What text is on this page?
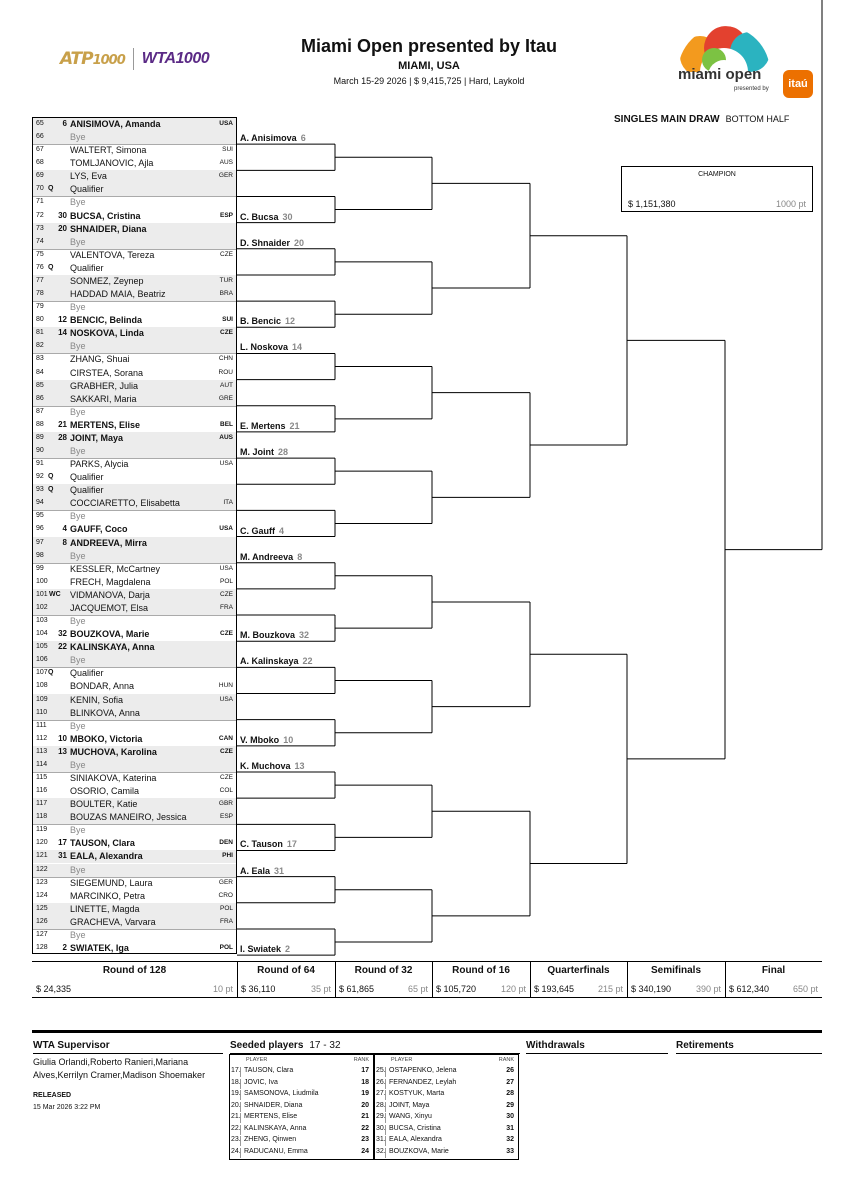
ATP1000 WTA1000
Miami Open presented by Itau
MIAMI, USA
March 15-29 2026 | $ 9,415,725 | Hard, Laykold	miami open
presented by	itaú
SINGLES MAIN DRAW BOTTOM HALF
CHAMPION
$ 1,151,380	1000 pt
65	6 ANISIMOVA, Amanda	USA
66	Bye
67	WALTERT, Simona	SUI
68	TOMLJANOVIC, Ajla	AUS
69	LYS, Eva	GER
70 Q Qualifier
71	Bye
72	30 BUCSA, Cristina	ESP
73	20 SHNAIDER, Diana
74	Bye
75	VALENTOVA, Tereza	CZE
76 Q Qualifier
77	SONMEZ, Zeynep	TUR
78	HADDAD MAIA, Beatriz	BRA
79	Bye
80	12 BENCIC, Belinda	SUI
81	14 NOSKOVA, Linda	CZE
82	Bye
83	ZHANG, Shuai	CHN
84	CIRSTEA, Sorana	ROU
85	GRABHER, Julia	AUT
86	SAKKARI, Maria	GRE
87	Bye
88	21 MERTENS, Elise	BEL
89	28 JOINT, Maya	AUS
90	Bye
91	PARKS, Alycia	USA
92 Q Qualifier
93 Q Qualifier
94	COCCIARETTO, Elisabetta	ITA
95	Bye
96	4 GAUFF, Coco	USA
97	8 ANDREEVA, Mirra
98	Bye
99	KESSLER, McCartney	USA
100	FRECH, Magdalena	POL
101 WC VIDMANOVA, Darja	CZE
102	JACQUEMOT, Elsa	FRA
103	Bye
104	32 BOUZKOVA, Marie	CZE
105	22 KALINSKAYA, Anna
106	Bye
107 Q Qualifier
108	BONDAR, Anna	HUN
109	KENIN, Sofia	USA
110	BLINKOVA, Anna
111	Bye
112	10 MBOKO, Victoria	CAN
113	13 MUCHOVA, Karolina	CZE
114	Bye
115	SINIAKOVA, Katerina	CZE
116	OSORIO, Camila	COL
117	BOULTER, Katie	GBR
118	BOUZAS MANEIRO, Jessica	ESP
119	Bye
120	17 TAUSON, Clara	DEN
121	31 EALA, Alexandra	PHI
122	Bye
123	SIEGEMUND, Laura	GER
124	MARCINKO, Petra	CRO
125	LINETTE, Magda	POL
126	GRACHEVA, Varvara	FRA
127	Bye
128	2 SWIATEK, Iga	POL
A. Anisimova 6
C. Bucsa 30
D. Shnaider 20
B. Bencic 12
L. Noskova 14
E. Mertens 21
M. Joint 28
C. Gauff 4
M. Andreeva 8
M. Bouzkova 32
A. Kalinskaya 22
V. Mboko 10
K. Muchova 13
C. Tauson 17
A. Eala 31
I. Swiatek 2
Round of 128
$ 24,335	10 pt
Round of 64
$ 36,110	35 pt
Round of 32
$ 61,865	65 pt
Round of 16
$ 105,720	120 pt
Quarterfinals
$ 193,645	215 pt
Semifinals
$ 340,190	390 pt
Final
$ 612,340	650 pt
WTA Supervisor
Giulia Orlandi,Roberto Ranieri,Mariana Alves,Kerrilyn Cramer,Madison Shoemaker
RELEASED
15 Mar 2026 3:22 PM
Seeded players 17 - 32
PLAYER	RANK
17. TAUSON, Clara	17
18. JOVIC, Iva	18
19. SAMSONOVA, Liudmila	19
20. SHNAIDER, Diana	20
21. MERTENS, Elise	21
22. KALINSKAYA, Anna	22
23. ZHENG, Qinwen	23
24. RADUCANU, Emma	24
PLAYER	RANK
25. OSTAPENKO, Jelena	26
26. FERNANDEZ, Leylah	27
27. KOSTYUK, Marta	28
28. JOINT, Maya	29
29. WANG, Xinyu	30
30. BUCSA, Cristina	31
31. EALA, Alexandra	32
32. BOUZKOVA, Marie	33
Withdrawals	Retirements
